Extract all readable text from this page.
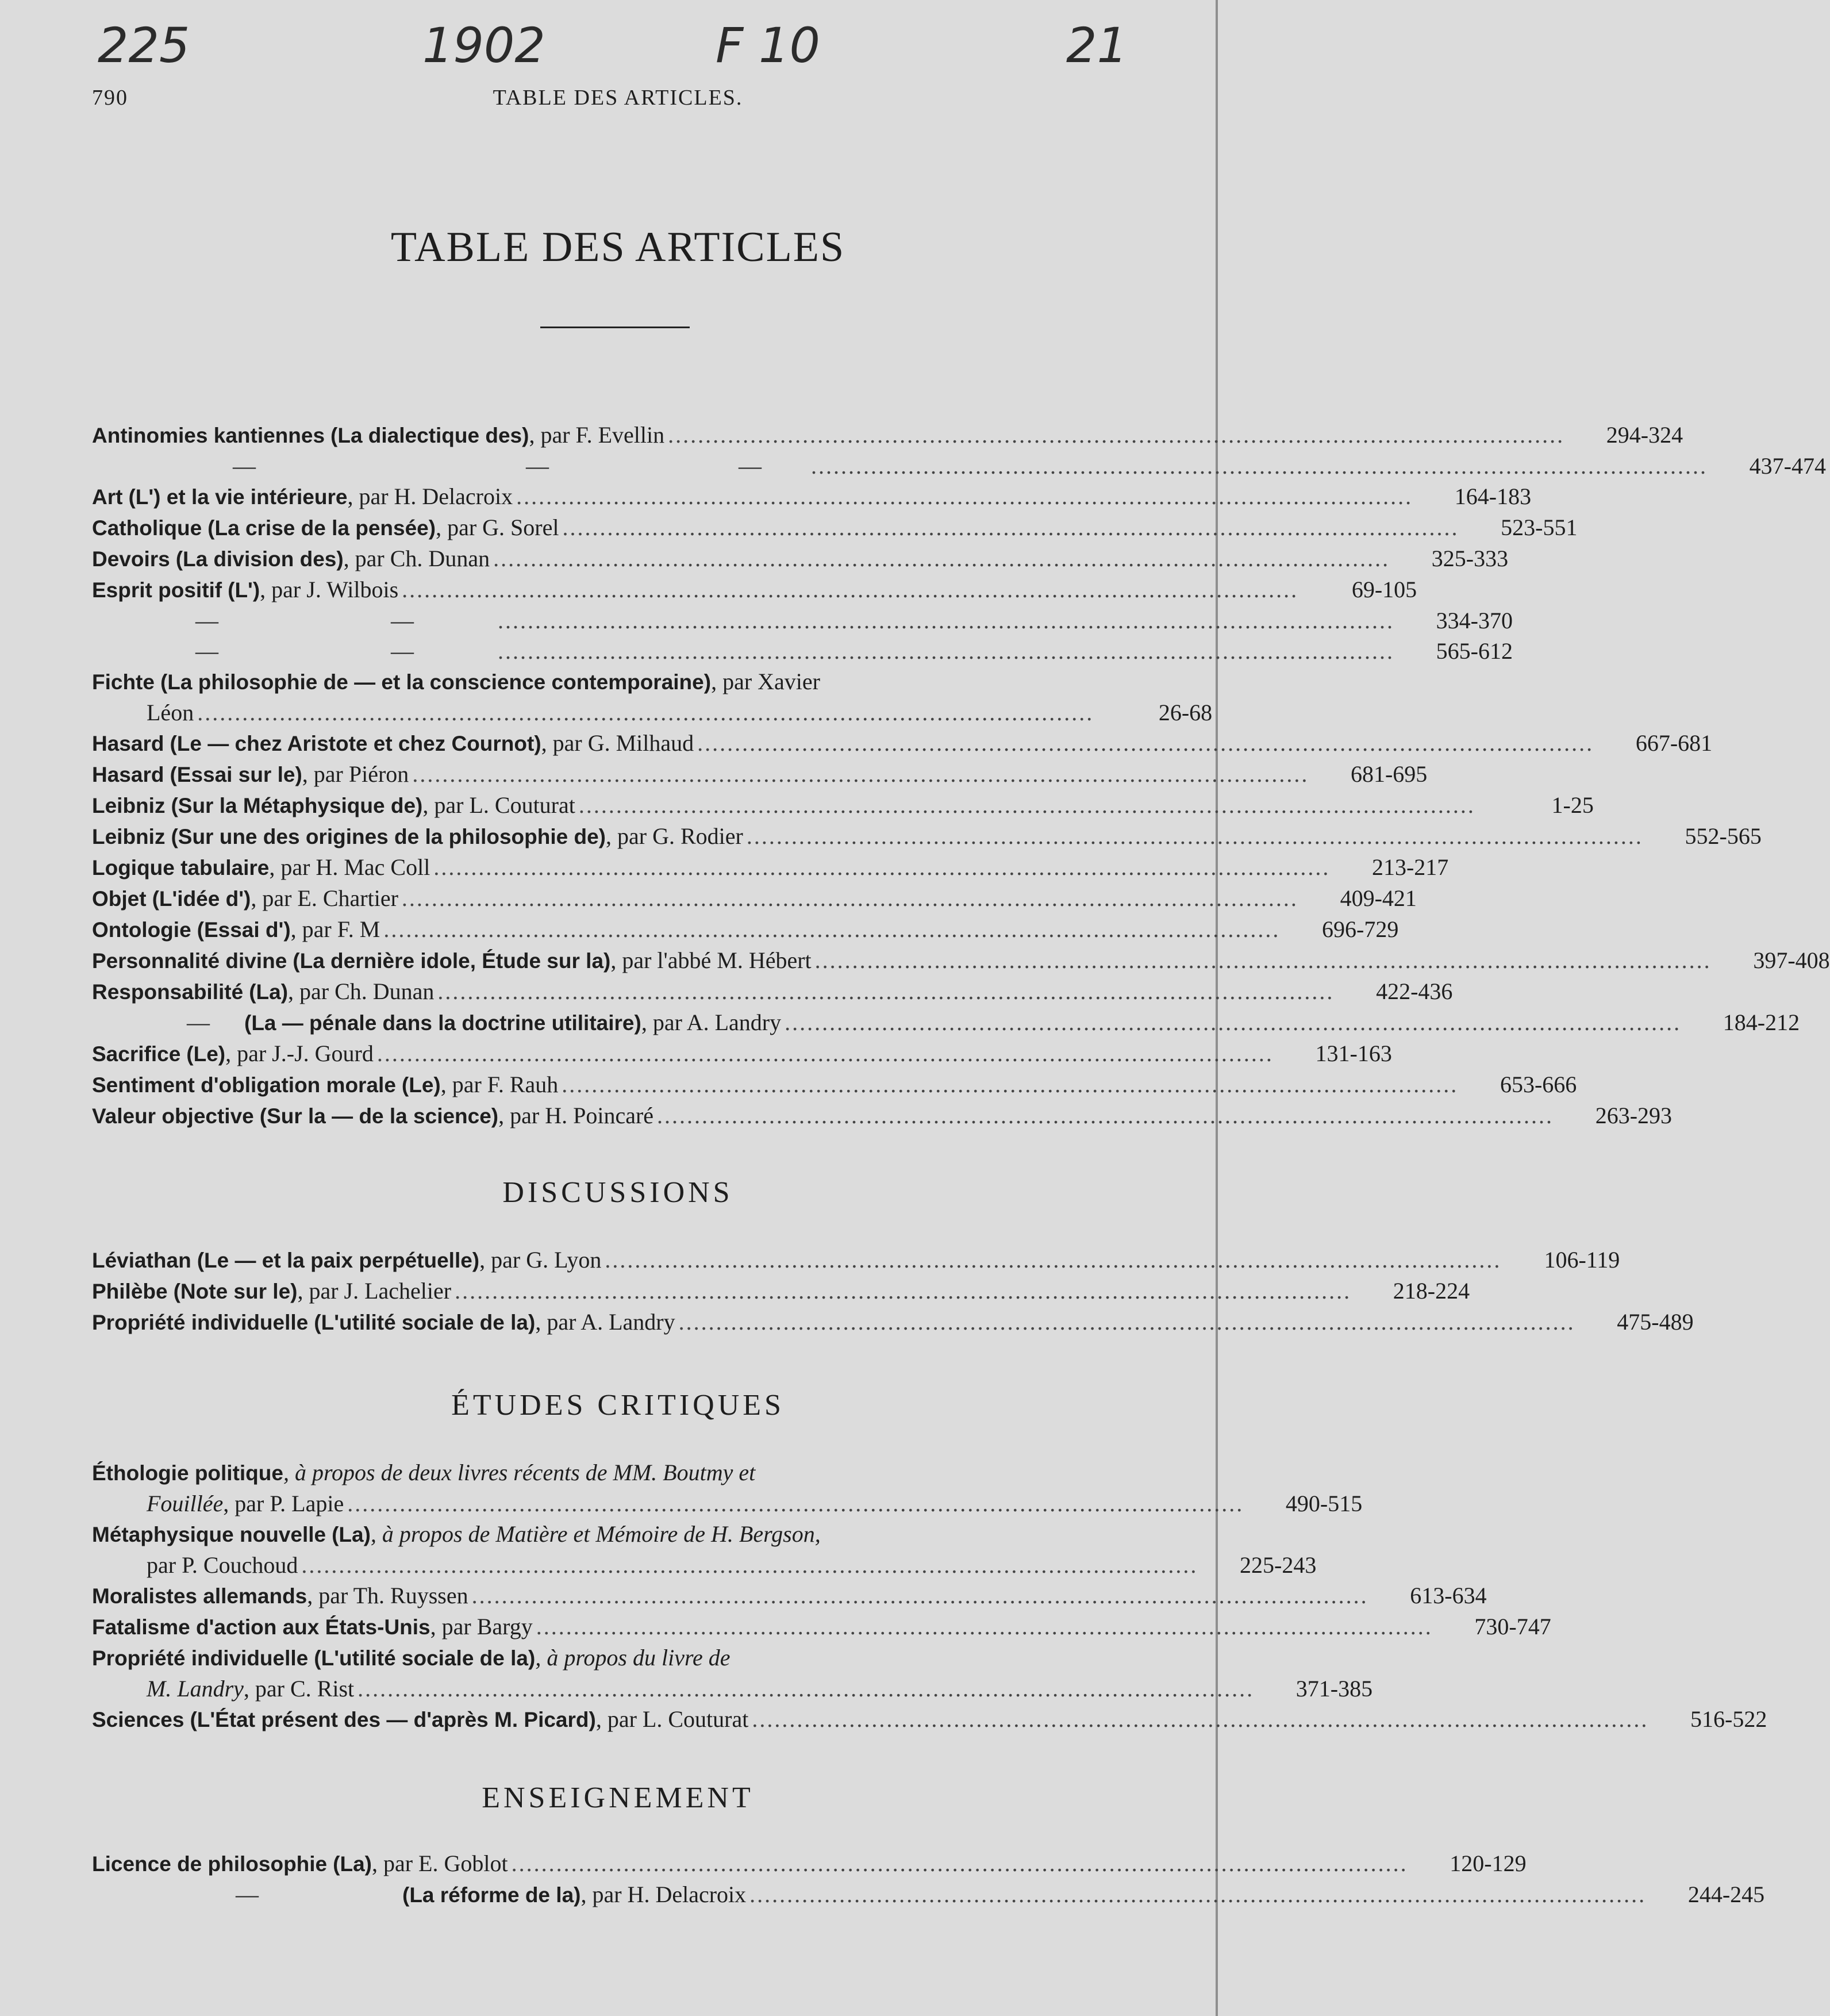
225	1902	F 10	21
790	TABLE DES ARTICLES.
TABLE DES ARTICLES
Antinomies kantiennes (La dialectique des), par F. Evellin ........................................................................................................................	294-324
—	—	—	........................................................................................................................	437-474
Art (L') et la vie intérieure, par H. Delacroix ........................................................................................................................	164-183
Catholique (La crise de la pensée), par G. Sorel ........................................................................................................................	523-551
Devoirs (La division des), par Ch. Dunan ........................................................................................................................	325-333
Esprit positif (L'), par J. Wilbois ........................................................................................................................	69-105
—	—	........................................................................................................................	334-370
—	—	........................................................................................................................	565-612
Fichte (La philosophie de — et la conscience contemporaine), par Xavier
Léon ........................................................................................................................	26-68
Hasard (Le — chez Aristote et chez Cournot), par G. Milhaud ........................................................................................................................	667-681
Hasard (Essai sur le), par Piéron ........................................................................................................................	681-695
Leibniz (Sur la Métaphysique de), par L. Couturat ........................................................................................................................	1-25
Leibniz (Sur une des origines de la philosophie de), par G. Rodier ........................................................................................................................	552-565
Logique tabulaire, par H. Mac Coll ........................................................................................................................	213-217
Objet (L'idée d'), par E. Chartier ........................................................................................................................	409-421
Ontologie (Essai d'), par F. M ........................................................................................................................	696-729
Personnalité divine (La dernière idole, Étude sur la), par l'abbé M. Hébert ........................................................................................................................	397-408
Responsabilité (La), par Ch. Dunan ........................................................................................................................	422-436
— (La — pénale dans la doctrine utilitaire), par A. Landry ........................................................................................................................	184-212
Sacrifice (Le), par J.-J. Gourd ........................................................................................................................	131-163
Sentiment d'obligation morale (Le), par F. Rauh ........................................................................................................................	653-666
Valeur objective (Sur la — de la science), par H. Poincaré ........................................................................................................................	263-293
DISCUSSIONS
Léviathan (Le — et la paix perpétuelle), par G. Lyon ........................................................................................................................	106-119
Philèbe (Note sur le), par J. Lachelier ........................................................................................................................	218-224
Propriété individuelle (L'utilité sociale de la), par A. Landry ........................................................................................................................	475-489
ÉTUDES CRITIQUES
Éthologie politique, à propos de deux livres récents de MM. Boutmy et
Fouillée, par P. Lapie ........................................................................................................................	490-515
Métaphysique nouvelle (La), à propos de Matière et Mémoire de H. Bergson,
par P. Couchoud ........................................................................................................................	225-243
Moralistes allemands, par Th. Ruyssen ........................................................................................................................	613-634
Fatalisme d'action aux États-Unis, par Bargy ........................................................................................................................	730-747
Propriété individuelle (L'utilité sociale de la), à propos du livre de
M. Landry, par C. Rist ........................................................................................................................	371-385
Sciences (L'État présent des — d'après M. Picard), par L. Couturat ........................................................................................................................	516-522
ENSEIGNEMENT
Licence de philosophie (La), par E. Goblot ........................................................................................................................	120-129
—	(La réforme de la), par H. Delacroix ........................................................................................................................	244-245
